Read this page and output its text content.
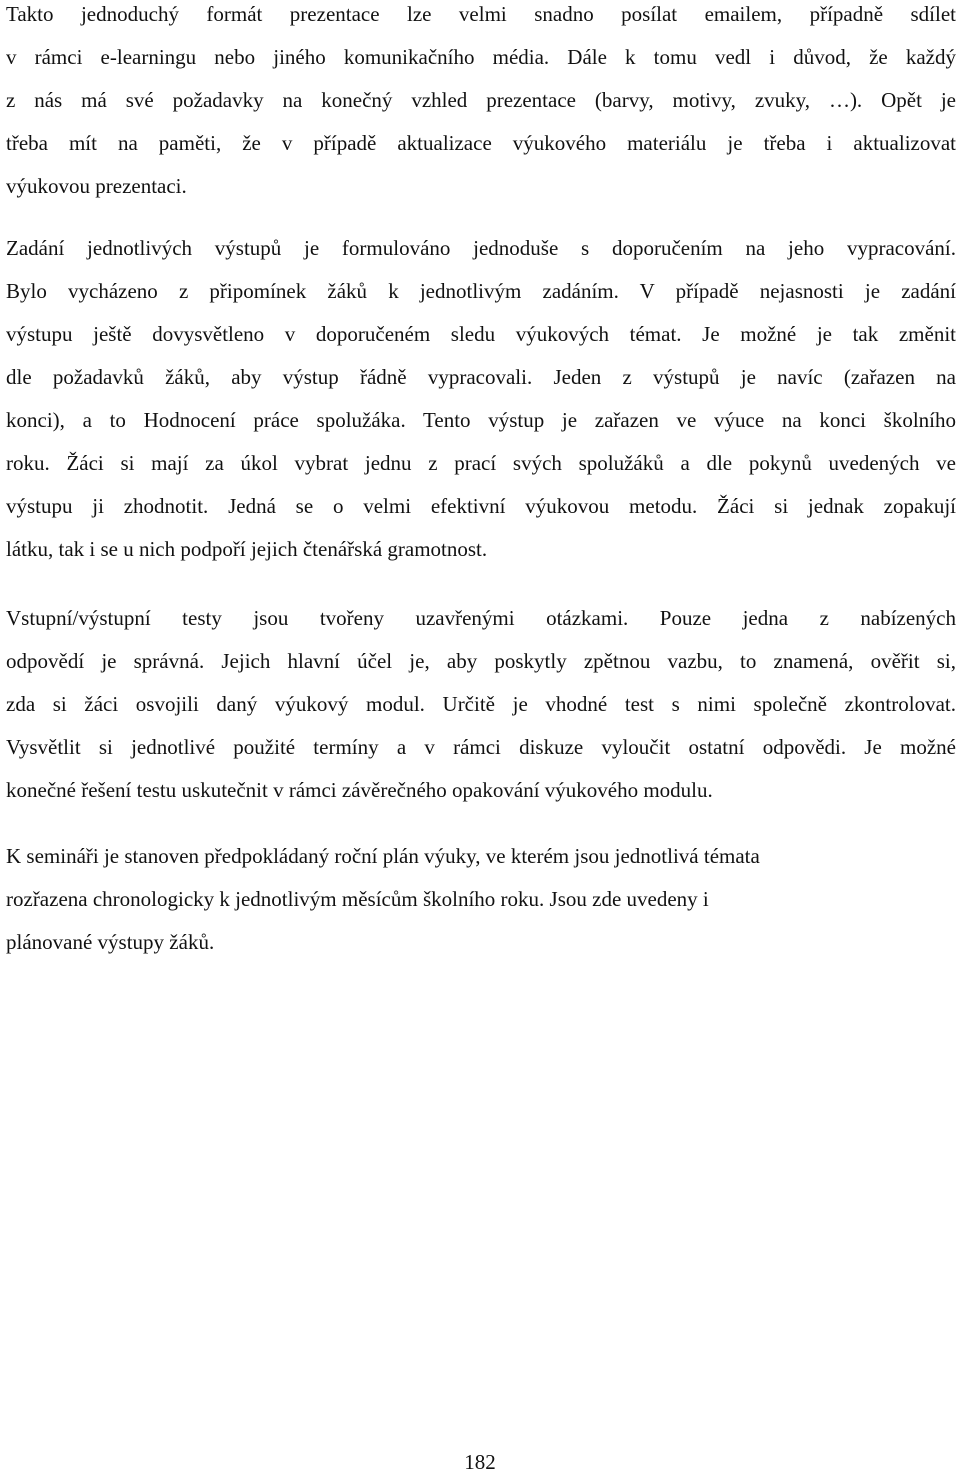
Takto jednoduchý formát prezentace lze velmi snadno posílat emailem, případně sdílet
v rámci e-learningu nebo jiného komunikačního média. Dále k tomu vedl i důvod, že každý
z nás má své požadavky na konečný vzhled prezentace (barvy, motivy, zvuky, …). Opět je
třeba mít na paměti, že v případě aktualizace výukového materiálu je třeba i aktualizovat
výukovou prezentaci.
Zadání jednotlivých výstupů je formulováno jednoduše s doporučením na jeho vypracování.
Bylo vycházeno z připomínek žáků k jednotlivým zadáním. V případě nejasnosti je zadání
výstupu ještě dovysvětleno v doporučeném sledu výukových témat. Je možné je tak změnit
dle požadavků žáků, aby výstup řádně vypracovali. Jeden z výstupů je navíc (zařazen na
konci), a to Hodnocení práce spolužáka. Tento výstup je zařazen ve výuce na konci školního
roku. Žáci si mají za úkol vybrat jednu z prací svých spolužáků a dle pokynů uvedených ve
výstupu ji zhodnotit. Jedná se o velmi efektivní výukovou metodu. Žáci si jednak zopakují
látku, tak i se u nich podpoří jejich čtenářská gramotnost.
Vstupní/výstupní testy jsou tvořeny uzavřenými otázkami. Pouze jedna z nabízených
odpovědí je správná. Jejich hlavní účel je, aby poskytly zpětnou vazbu, to znamená, ověřit si,
zda si žáci osvojili daný výukový modul. Určitě je vhodné test s nimi společně zkontrolovat.
Vysvětlit si jednotlivé použité termíny a v rámci diskuze vyloučit ostatní odpovědi. Je možné
konečné řešení testu uskutečnit v rámci závěrečného opakování výukového modulu.
K semináři je stanoven předpokládaný roční plán výuky, ve kterém jsou jednotlivá témata
rozřazena chronologicky k jednotlivým měsícům školního roku. Jsou zde uvedeny i
plánované výstupy žáků.
182
